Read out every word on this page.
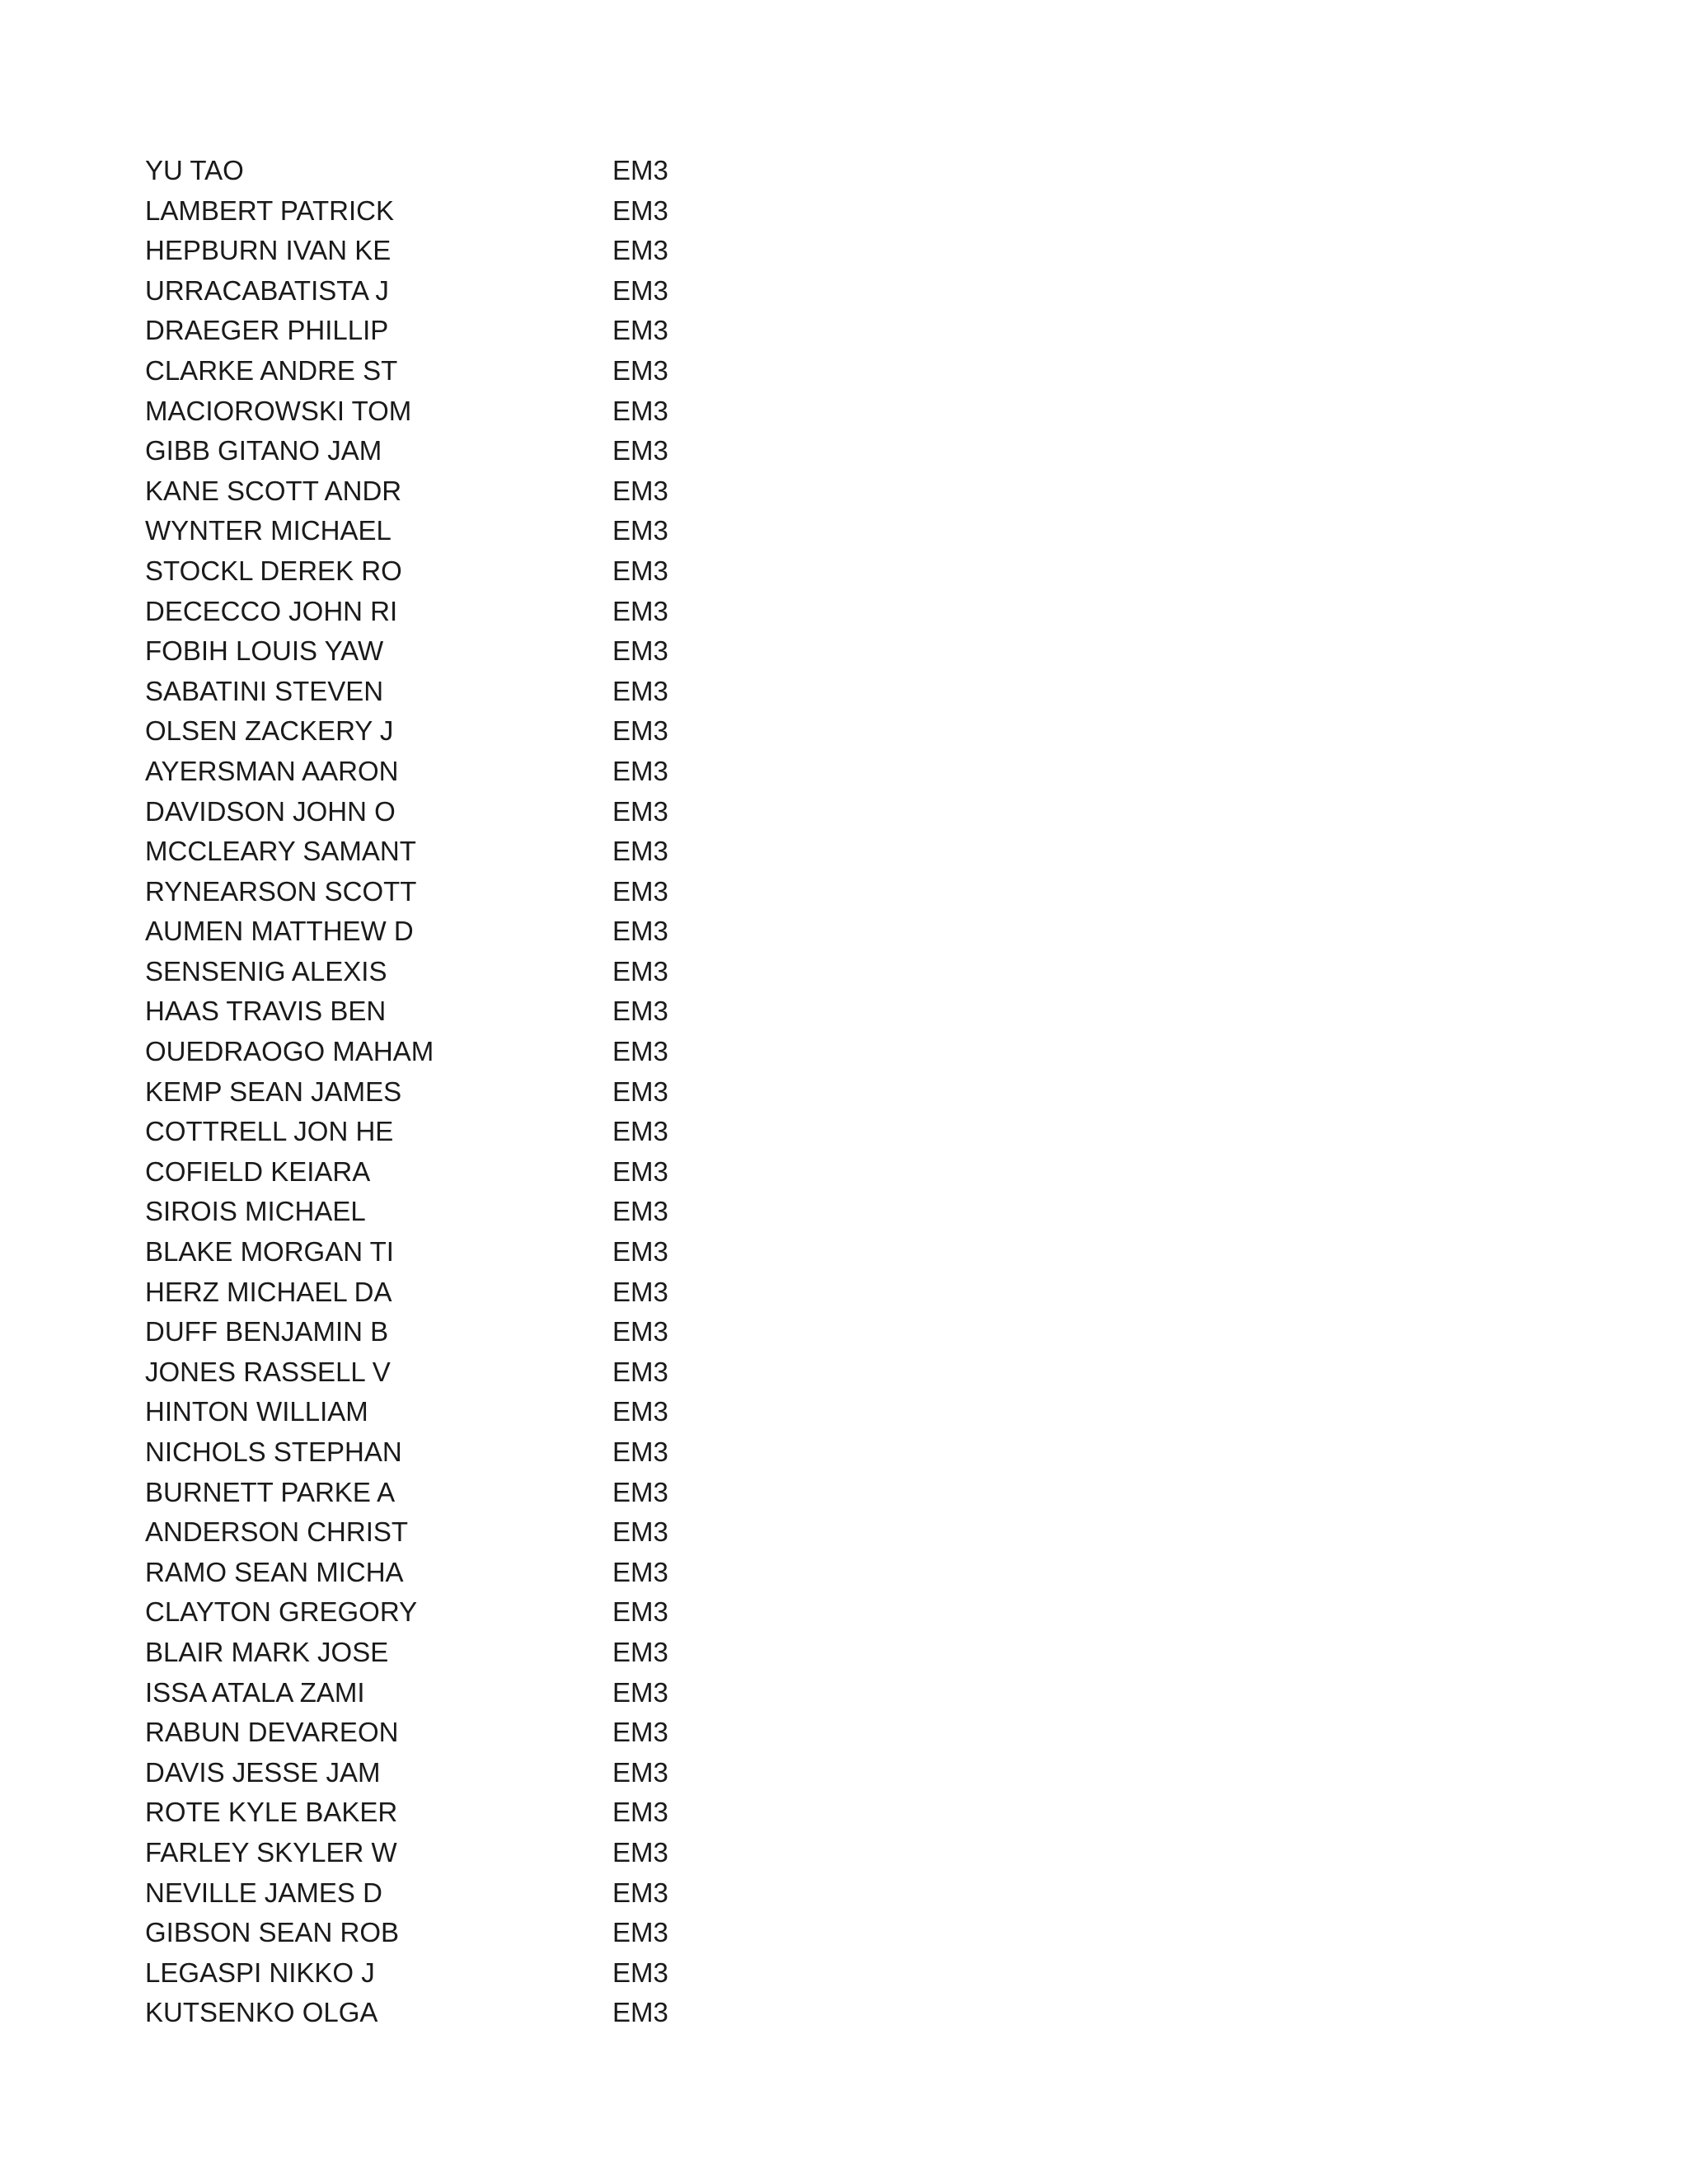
YU TAO	EM3
LAMBERT PATRICK	EM3
HEPBURN IVAN KE	EM3
URRACABATISTA J	EM3
DRAEGER PHILLIP	EM3
CLARKE ANDRE ST	EM3
MACIOROWSKI TOM	EM3
GIBB GITANO JAM	EM3
KANE SCOTT ANDR	EM3
WYNTER MICHAEL	EM3
STOCKL DEREK RO	EM3
DECECCO JOHN RI	EM3
FOBIH LOUIS YAW	EM3
SABATINI STEVEN	EM3
OLSEN ZACKERY J	EM3
AYERSMAN AARON	EM3
DAVIDSON JOHN O	EM3
MCCLEARY SAMANT	EM3
RYNEARSON SCOTT	EM3
AUMEN MATTHEW D	EM3
SENSENIG ALEXIS	EM3
HAAS TRAVIS BEN	EM3
OUEDRAOGO MAHAM	EM3
KEMP SEAN JAMES	EM3
COTTRELL JON HE	EM3
COFIELD KEIARA	EM3
SIROIS MICHAEL	EM3
BLAKE MORGAN TI	EM3
HERZ MICHAEL DA	EM3
DUFF BENJAMIN B	EM3
JONES RASSELL V	EM3
HINTON WILLIAM	EM3
NICHOLS STEPHAN	EM3
BURNETT PARKE A	EM3
ANDERSON CHRIST	EM3
RAMO SEAN MICHA	EM3
CLAYTON GREGORY	EM3
BLAIR MARK JOSE	EM3
ISSA ATALA ZAMI	EM3
RABUN DEVAREON	EM3
DAVIS JESSE JAM	EM3
ROTE KYLE BAKER	EM3
FARLEY SKYLER W	EM3
NEVILLE JAMES D	EM3
GIBSON SEAN ROB	EM3
LEGASPI NIKKO J	EM3
KUTSENKO OLGA	EM3
